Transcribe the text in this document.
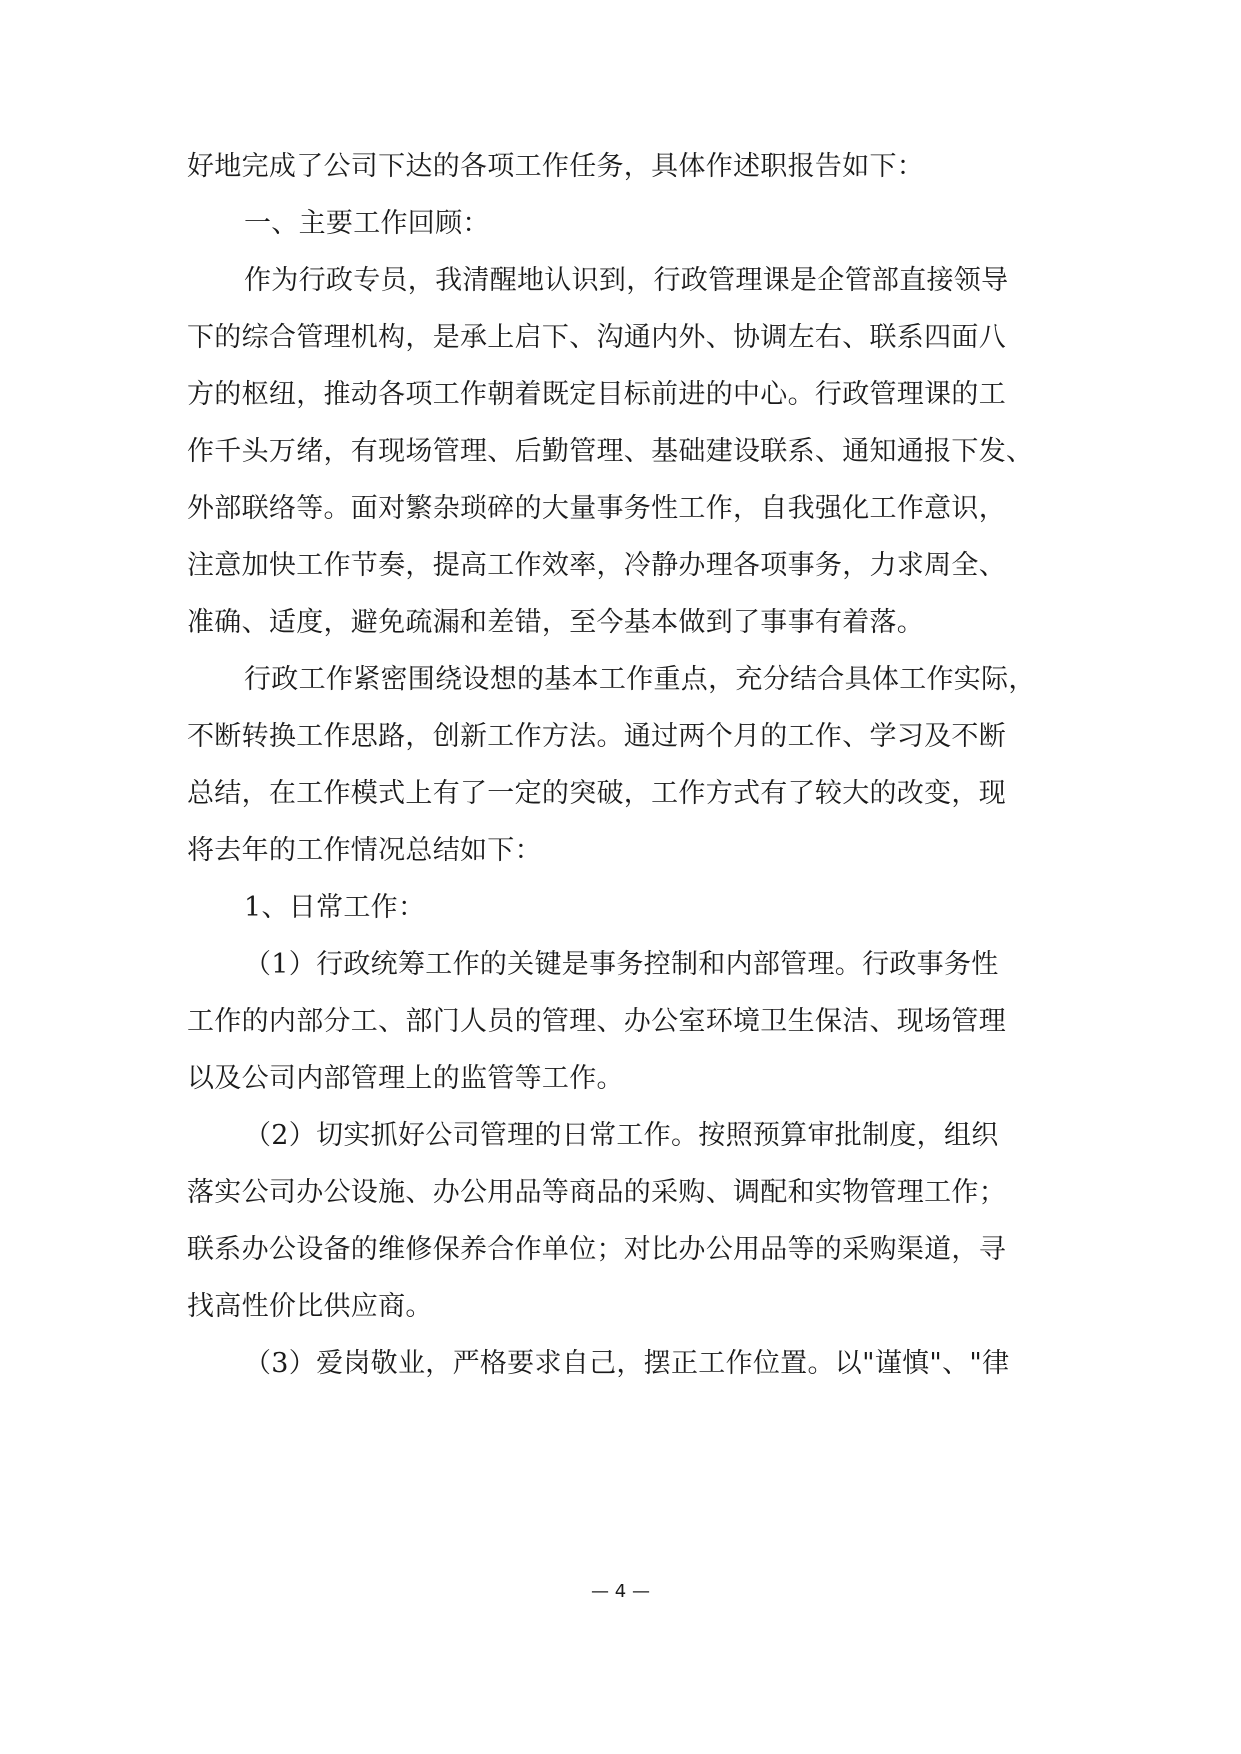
好地完成了公司下达的各项工作任务，具体作述职报告如下：
一、主要工作回顾：
作为行政专员，我清醒地认识到，行政管理课是企管部直接领导
下的综合管理机构，是承上启下、沟通内外、协调左右、联系四面八
方的枢纽，推动各项工作朝着既定目标前进的中心。行政管理课的工
作千头万绪，有现场管理、后勤管理、基础建设联系、通知通报下发、
外部联络等。面对繁杂琐碎的大量事务性工作，自我强化工作意识，
注意加快工作节奏，提高工作效率，冷静办理各项事务，力求周全、
准确、适度，避免疏漏和差错，至今基本做到了事事有着落。
行政工作紧密围绕设想的基本工作重点，充分结合具体工作实际，
不断转换工作思路，创新工作方法。通过两个月的工作、学习及不断
总结，在工作模式上有了一定的突破，工作方式有了较大的改变，现
将去年的工作情况总结如下：
1、日常工作：
（1）行政统筹工作的关键是事务控制和内部管理。行政事务性
工作的内部分工、部门人员的管理、办公室环境卫生保洁、现场管理
以及公司内部管理上的监管等工作。
（2）切实抓好公司管理的日常工作。按照预算审批制度，组织
落实公司办公设施、办公用品等商品的采购、调配和实物管理工作；
联系办公设备的维修保养合作单位；对比办公用品等的采购渠道，寻
找高性价比供应商。
（3）爱岗敬业，严格要求自己，摆正工作位置。以"谨慎"、"律
— 4 —
